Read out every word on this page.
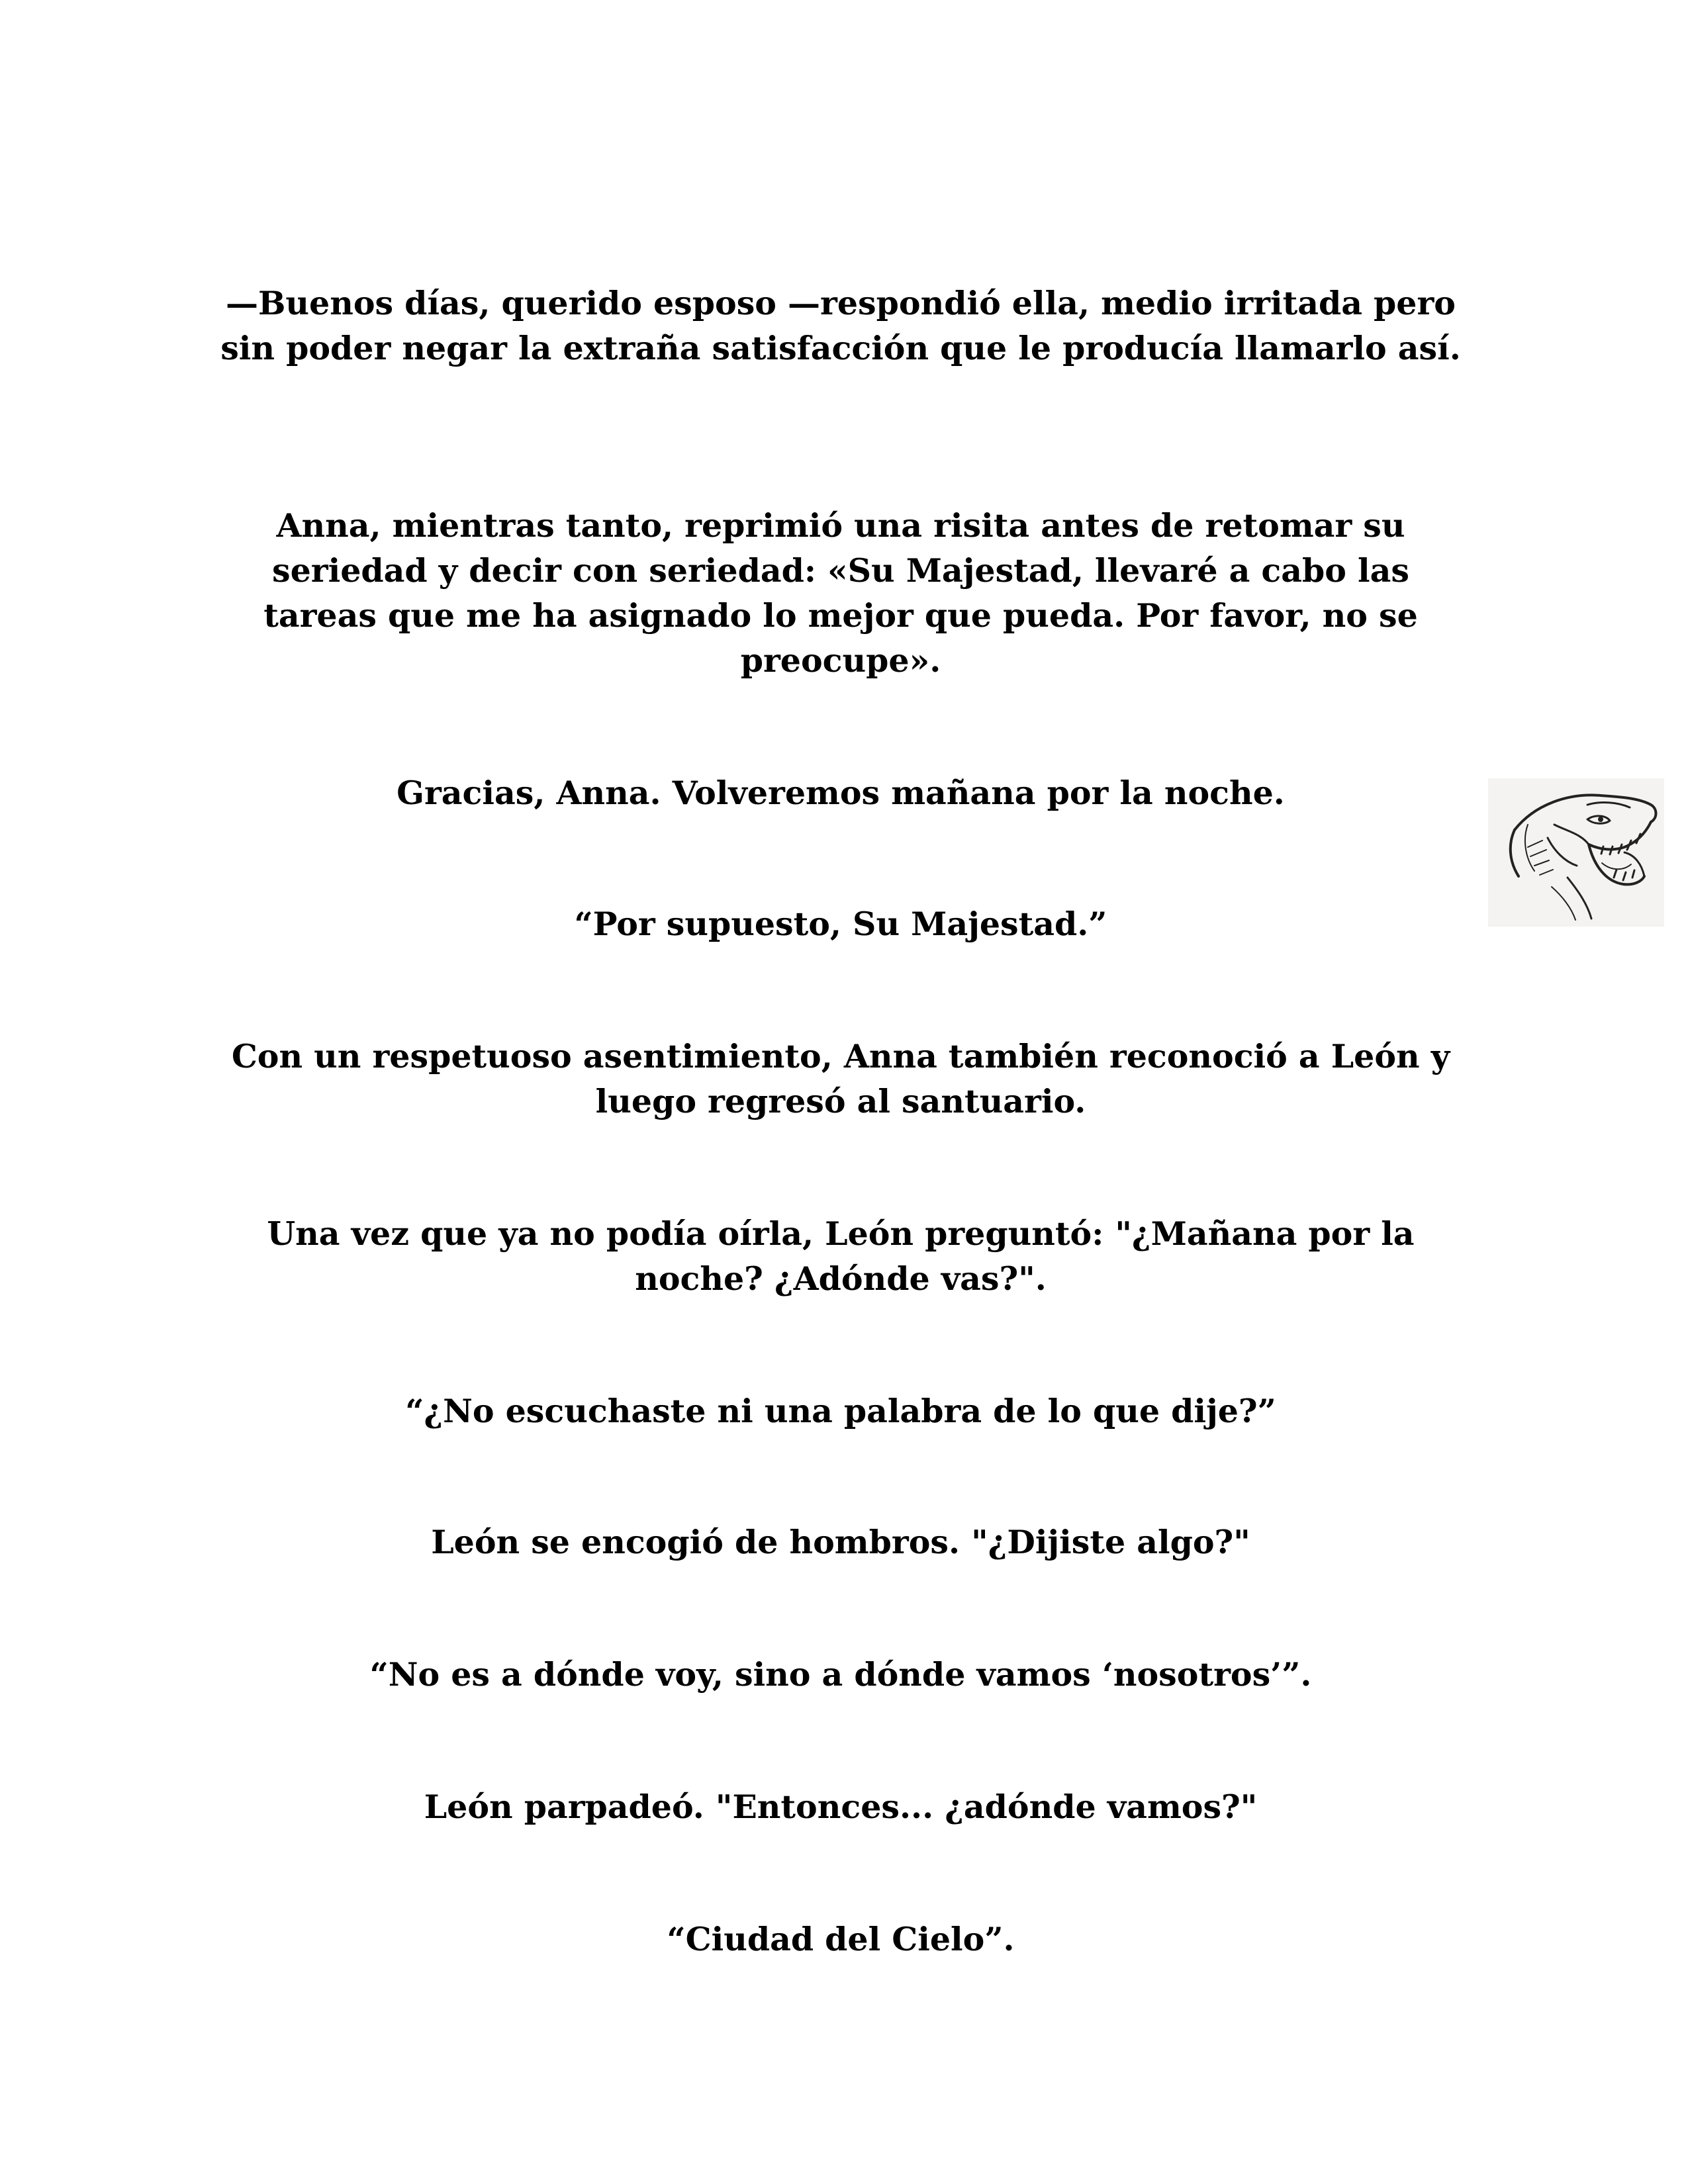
—Buenos días, querido esposo —respondió ella, medio irritada pero sin poder negar la extraña satisfacción que le producía llamarlo así.

Anna, mientras tanto, reprimió una risita antes de retomar su seriedad y decir con seriedad: «Su Majestad, llevaré a cabo las tareas que me ha asignado lo mejor que pueda. Por favor, no se preocupe».

Gracias, Anna. Volveremos mañana por la noche.

“Por supuesto, Su Majestad.”

Con un respetuoso asentimiento, Anna también reconoció a León y luego regresó al santuario.

Una vez que ya no podía oírla, León preguntó: "¿Mañana por la noche? ¿Adónde vas?".

“¿No escuchaste ni una palabra de lo que dije?”

León se encogió de hombros. "¿Dijiste algo?"

“No es a dónde voy, sino a dónde vamos ‘nosotros’”.

León parpadeó. "Entonces... ¿adónde vamos?"

“Ciudad del Cielo”.
